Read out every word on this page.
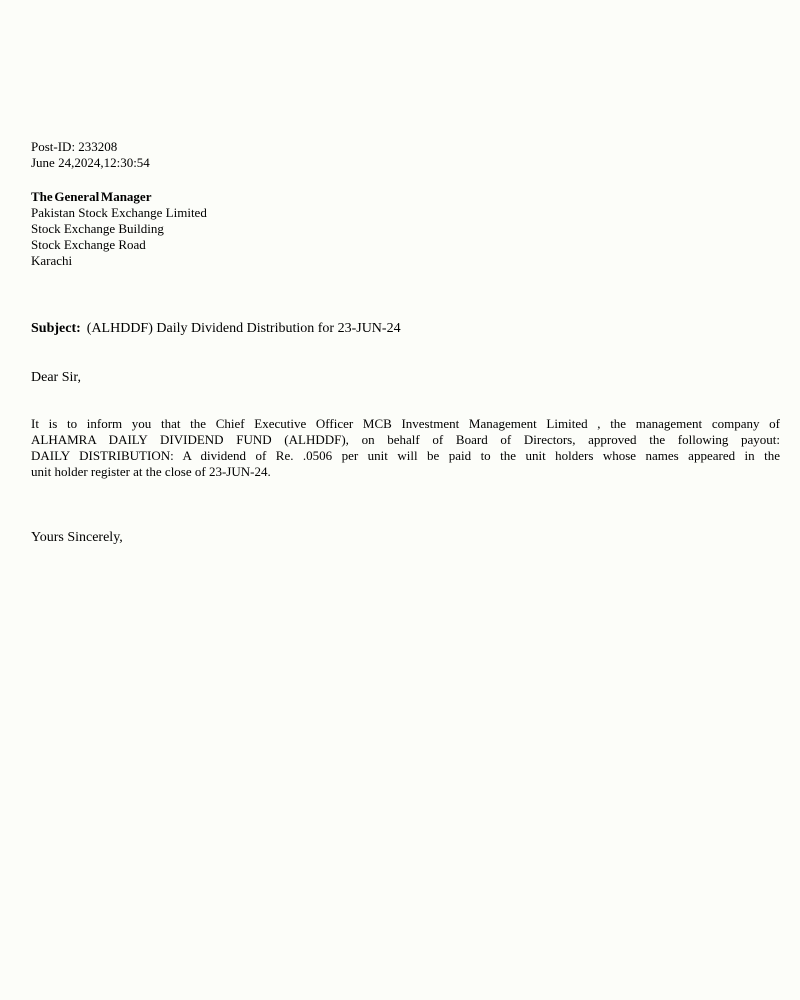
Post-ID: 233208
June 24,2024,12:30:54
The General Manager
Pakistan Stock Exchange Limited
Stock Exchange Building
Stock Exchange Road
Karachi
Subject: (ALHDDF) Daily Dividend Distribution for 23-JUN-24
Dear Sir,
It is to inform you that the Chief Executive Officer MCB Investment Management Limited , the management company of
ALHAMRA DAILY DIVIDEND FUND (ALHDDF), on behalf of Board of Directors, approved the following payout:
DAILY DISTRIBUTION: A dividend of Re. .0506 per unit will be paid to the unit holders whose names appeared in the
unit holder register at the close of 23-JUN-24.
Yours Sincerely,
